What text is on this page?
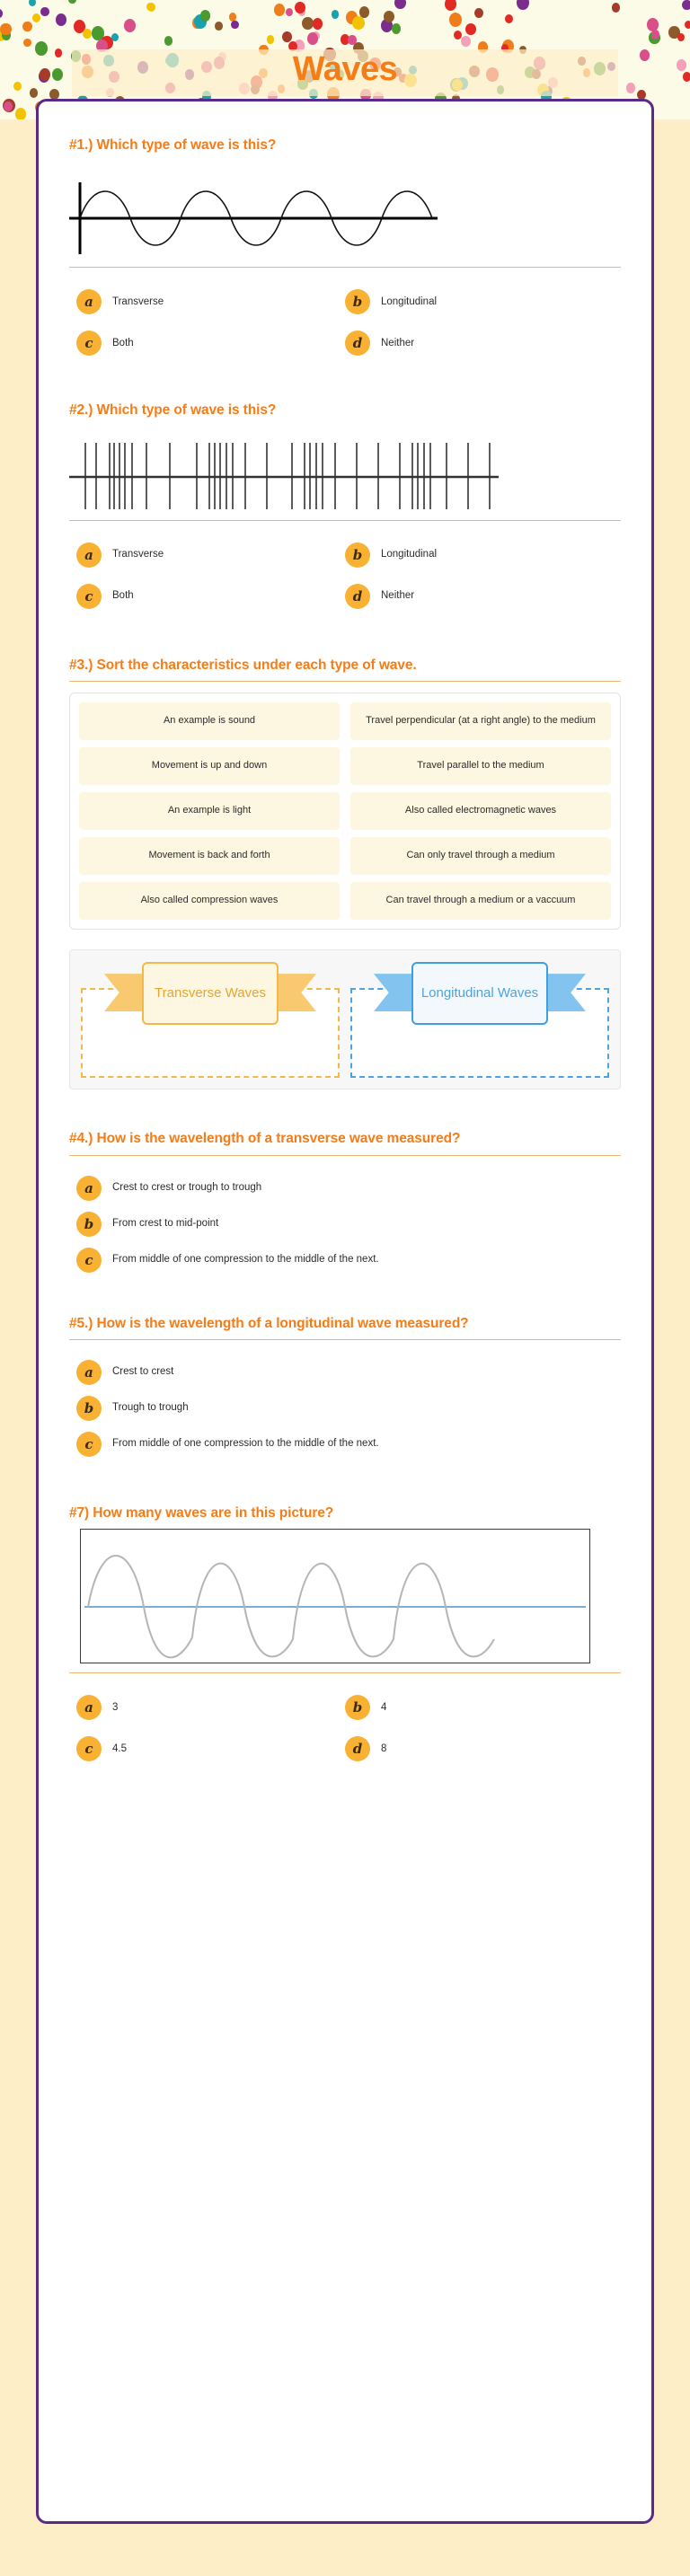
Waves
#1.) Which type of wave is this?
a	Transverse	b	Longitudinal
c	Both	d	Neither
#2.) Which type of wave is this?
a	Transverse	b	Longitudinal
c	Both	d	Neither
#3.) Sort the characteristics under each type of wave.
An example is sound	Travel perpendicular (at a right angle) to the medium
Movement is up and down	Travel parallel to the medium
An example is light	Also called electromagnetic waves
Movement is back and forth	Can only travel through a medium
Also called compression waves	Can travel through a medium or a vaccuum
Transverse Waves	Longitudinal Waves
#4.) How is the wavelength of a transverse wave measured?
a	Crest to crest or trough to trough
b	From crest to mid-point
c	From middle of one compression to the middle of the next.
#5.) How is the wavelength of a longitudinal wave measured?
a	Crest to crest
b	Trough to trough
c	From middle of one compression to the middle of the next.
#7) How many waves are in this picture?
a	3	b	4
c	4.5	d	8
